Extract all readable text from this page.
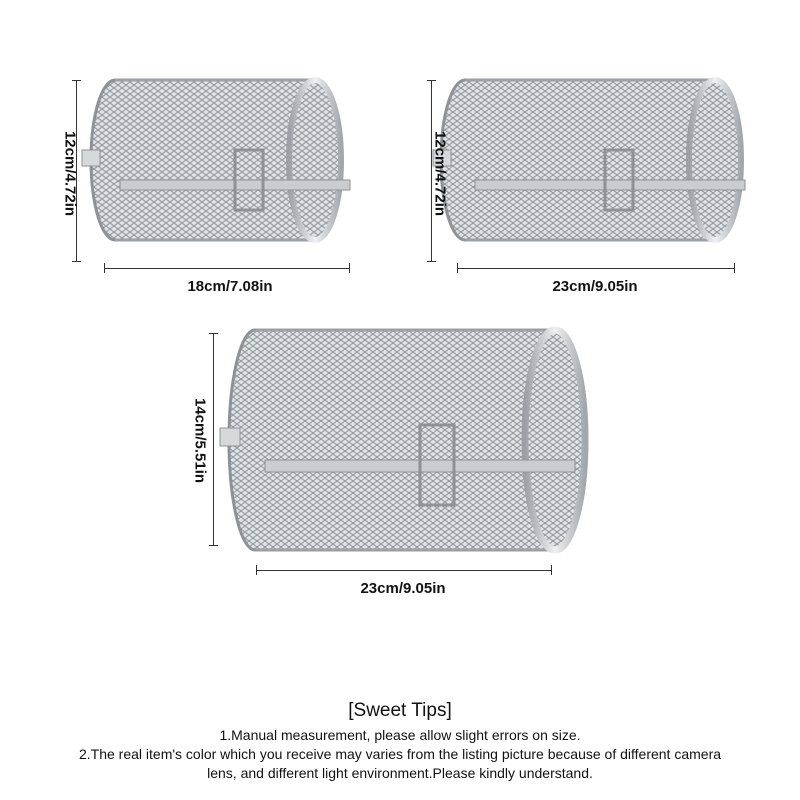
12cm/4.72in
18cm/7.08in
12cm/4.72in
23cm/9.05in
14cm/5.51in
23cm/9.05in

[Sweet Tips]

1.Manual measurement, please allow slight errors on size.

2.The real item's color which you receive may varies from the listing picture because of different camera

lens, and different light environment.Please kindly understand.
